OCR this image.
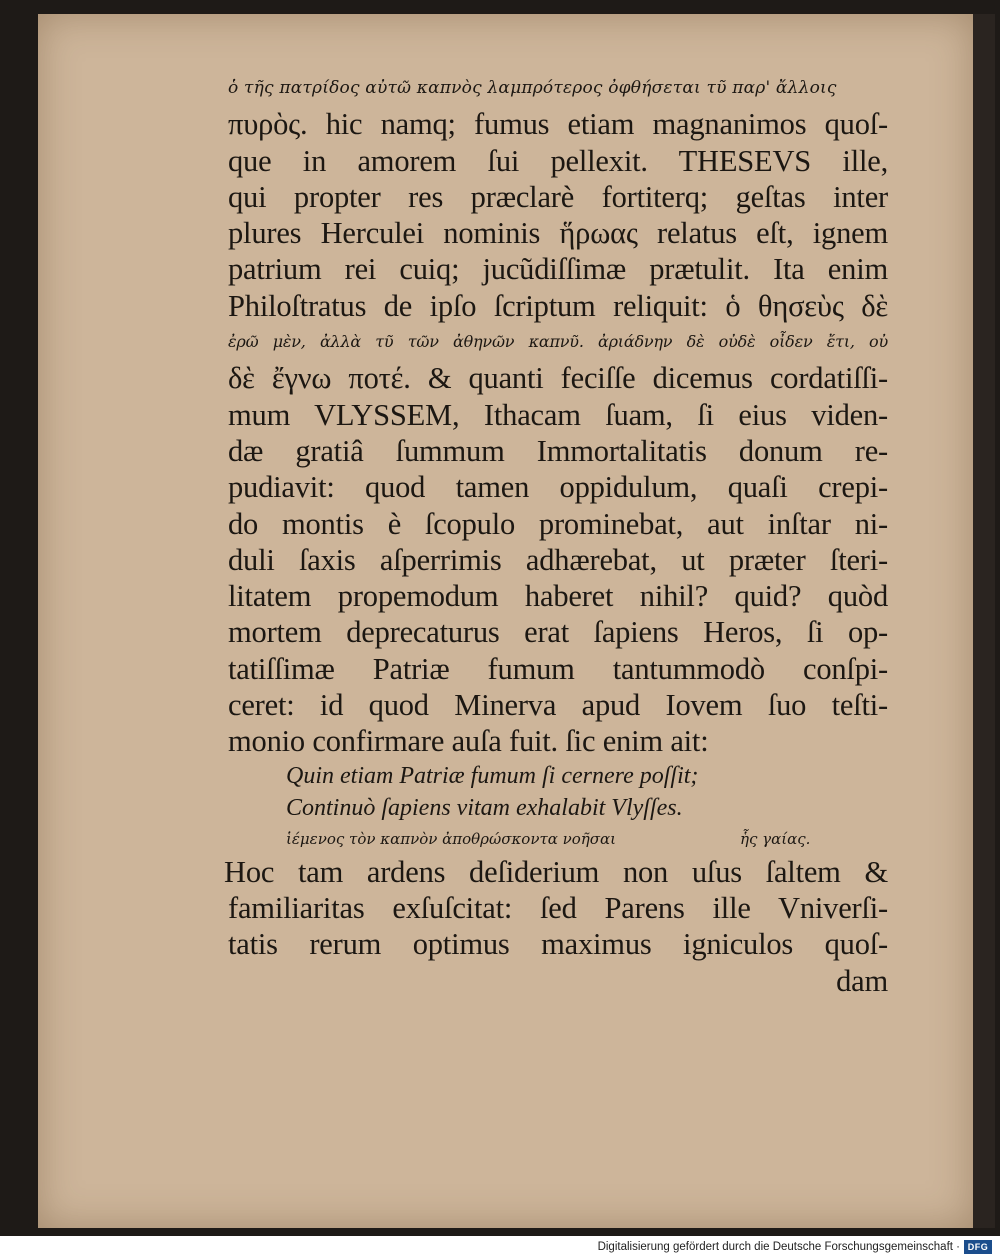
ὁ τῆς πατρίδος αὐτῶ καπνὸς λαμπρότερος ὀφθήσεται τῦ παρ' ἄλλοις
πυρὸς. hic namq; fumus etiam magnanimos quoſ-
que in amorem ſui pellexit. THESEVS ille,
qui propter res præclarè fortiterq; geſtas inter
plures Herculei nominis ἥρωας relatus eſt, ignem
patrium rei cuiq; jucũdiſſimæ prætulit. Ita enim
Philoſtratus de ipſo ſcriptum reliquit: ὁ θησεὺς δὲ
ἐρῶ μὲν, ἀλλὰ τῦ τῶν ἀθηνῶν καπνῦ. ἀριάδνην δὲ οὐδὲ οἶδεν ἔτι, οὐ
δὲ ἔγνω ποτέ. & quanti feciſſe dicemus cordatiſſi-
mum VLYSSEM, Ithacam ſuam, ſi eius viden-
dæ gratiâ ſummum Immortalitatis donum re-
pudiavit: quod tamen oppidulum, quaſi crepi-
do montis è ſcopulo prominebat, aut inſtar ni-
duli ſaxis aſperrimis adhærebat, ut præter ſteri-
litatem propemodum haberet nihil? quid? quòd
mortem deprecaturus erat ſapiens Heros, ſi op-
tatiſſimæ Patriæ fumum tantummodò conſpi-
ceret: id quod Minerva apud Iovem ſuo teſti-
monio confirmare auſa fuit. ſic enim ait:
Quin etiam Patriæ fumum ſi cernere poſſit;
Continuò ſapiens vitam exhalabit Vlyſſes.
ἱέμενος τὸν καπνὸν ἀποθρώσκοντα νοῆσαι	ἧς γαίας.
Hoc tam ardens deſiderium non uſus ſaltem &
familiaritas exſuſcitat: ſed Parens ille Vniverſi-
tatis rerum optimus maximus igniculos quoſ-
dam
Digitalisierung gefördert durch die Deutsche Forschungsgemeinschaft · DFG
